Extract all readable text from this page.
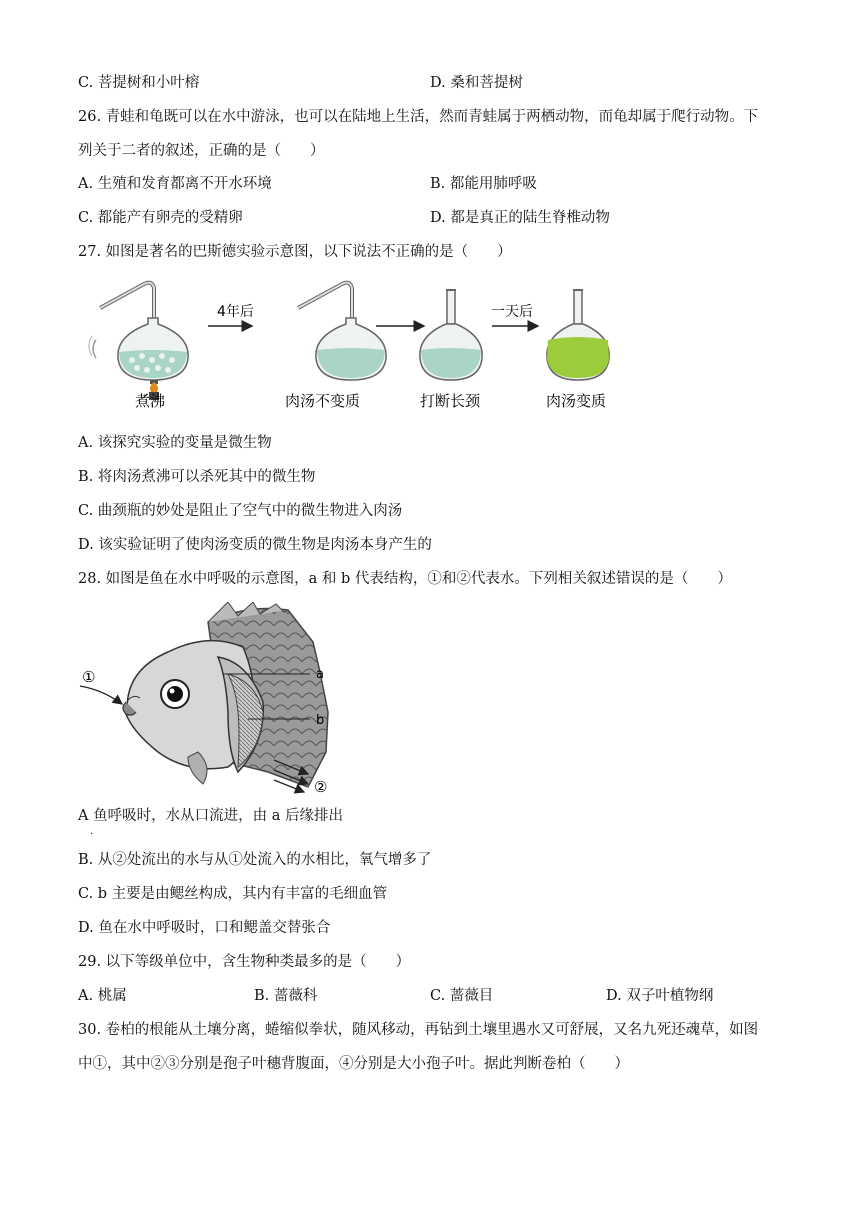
C. 菩提树和小叶榕	D. 桑和菩提树
26. 青蛙和龟既可以在水中游泳，也可以在陆地上生活，然而青蛙属于两栖动物，而龟却属于爬行动物。下
列关于二者的叙述，正确的是（　　）
A. 生殖和发育都离不开水环境	B. 都能用肺呼吸
C. 都能产有卵壳的受精卵	D. 都是真正的陆生脊椎动物
27. 如图是著名的巴斯德实验示意图，以下说法不正确的是（　　）
4年后	一天后
煮沸	肉汤不变质	打断长颈	肉汤变质
A. 该探究实验的变量是微生物
B. 将肉汤煮沸可以杀死其中的微生物
C. 曲颈瓶的妙处是阻止了空气中的微生物进入肉汤
D. 该实验证明了使肉汤变质的微生物是肉汤本身产生的
28. 如图是鱼在水中呼吸的示意图，a 和 b 代表结构，①和②代表水。下列相关叙述错误的是（　　）
①
②
a
b
A 鱼呼吸时，水从口流进，由 a 后缘排出
.
B. 从②处流出的水与从①处流入的水相比，氧气增多了
C. b 主要是由鳃丝构成，其内有丰富的毛细血管
D. 鱼在水中呼吸时，口和鳃盖交替张合
29. 以下等级单位中，含生物种类最多的是（　　）
A. 桃属	B. 蔷薇科	C. 蔷薇目	D. 双子叶植物纲
30. 卷柏的根能从土壤分离，蜷缩似拳状，随风移动，再钻到土壤里遇水又可舒展，又名九死还魂草，如图
中①，其中②③分别是孢子叶穗背腹面，④分别是大小孢子叶。据此判断卷柏（　　）
